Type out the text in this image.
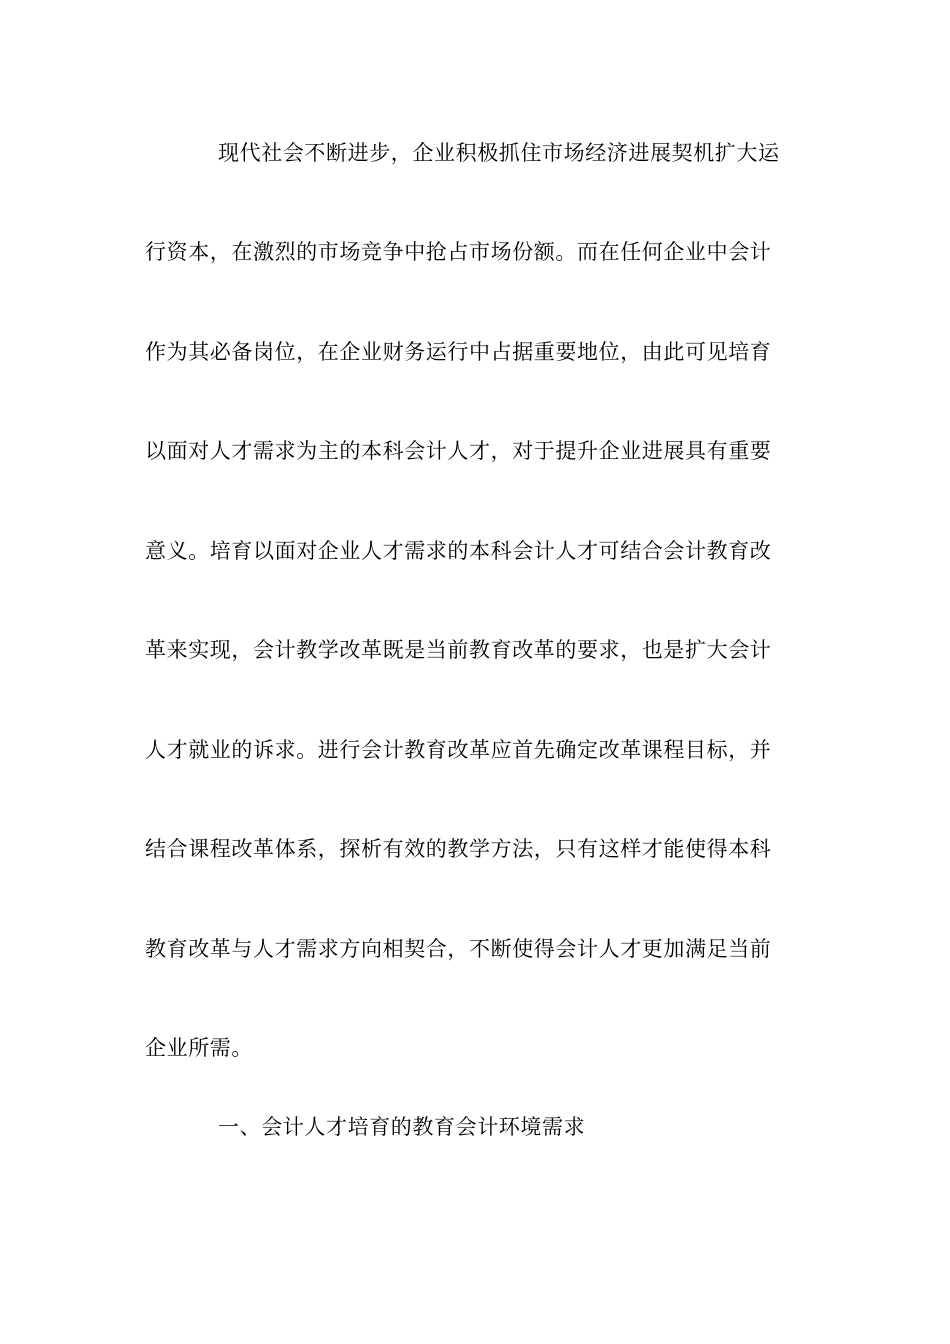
现代社会不断进步，企业积极抓住市场经济进展契机扩大运
行资本，在激烈的市场竞争中抢占市场份额。而在任何企业中会计
作为其必备岗位，在企业财务运行中占据重要地位，由此可见培育
以面对人才需求为主的本科会计人才，对于提升企业进展具有重要
意义。培育以面对企业人才需求的本科会计人才可结合会计教育改
革来实现，会计教学改革既是当前教育改革的要求，也是扩大会计
人才就业的诉求。进行会计教育改革应首先确定改革课程目标，并
结合课程改革体系，探析有效的教学方法，只有这样才能使得本科
教育改革与人才需求方向相契合，不断使得会计人才更加满足当前
企业所需。
一、会计人才培育的教育会计环境需求
